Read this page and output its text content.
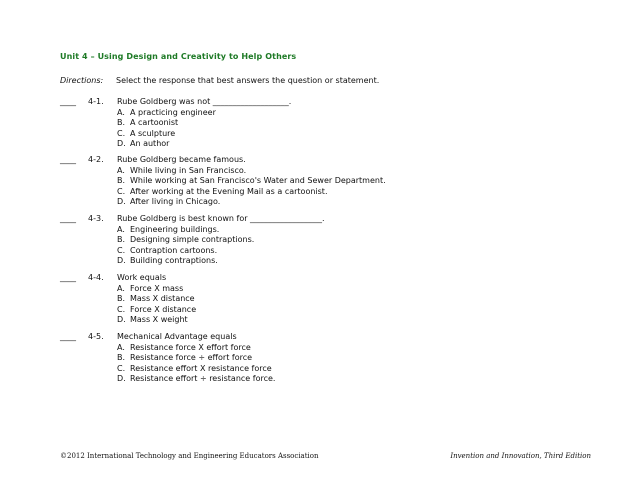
Unit 4 – Using Design and Creativity to Help Others
Directions: Select the response that best answers the question or statement.
____ 4-1. Rube Goldberg was not ___________________.
A. A practicing engineer
B. A cartoonist
C. A sculpture
D. An author
____ 4-2. Rube Goldberg became famous.
A. While living in San Francisco.
B. While working at San Francisco's Water and Sewer Department.
C. After working at the Evening Mail as a cartoonist.
D. After living in Chicago.
____ 4-3. Rube Goldberg is best known for __________________.
A. Engineering buildings.
B. Designing simple contraptions.
C. Contraption cartoons.
D. Building contraptions.
____ 4-4. Work equals
A. Force X mass
B. Mass X distance
C. Force X distance
D. Mass X weight
____ 4-5. Mechanical Advantage equals
A. Resistance force X effort force
B. Resistance force ÷ effort force
C. Resistance effort X resistance force
D. Resistance effort ÷ resistance force.
©2012 International Technology and Engineering Educators Association	Invention and Innovation, Third Edition
